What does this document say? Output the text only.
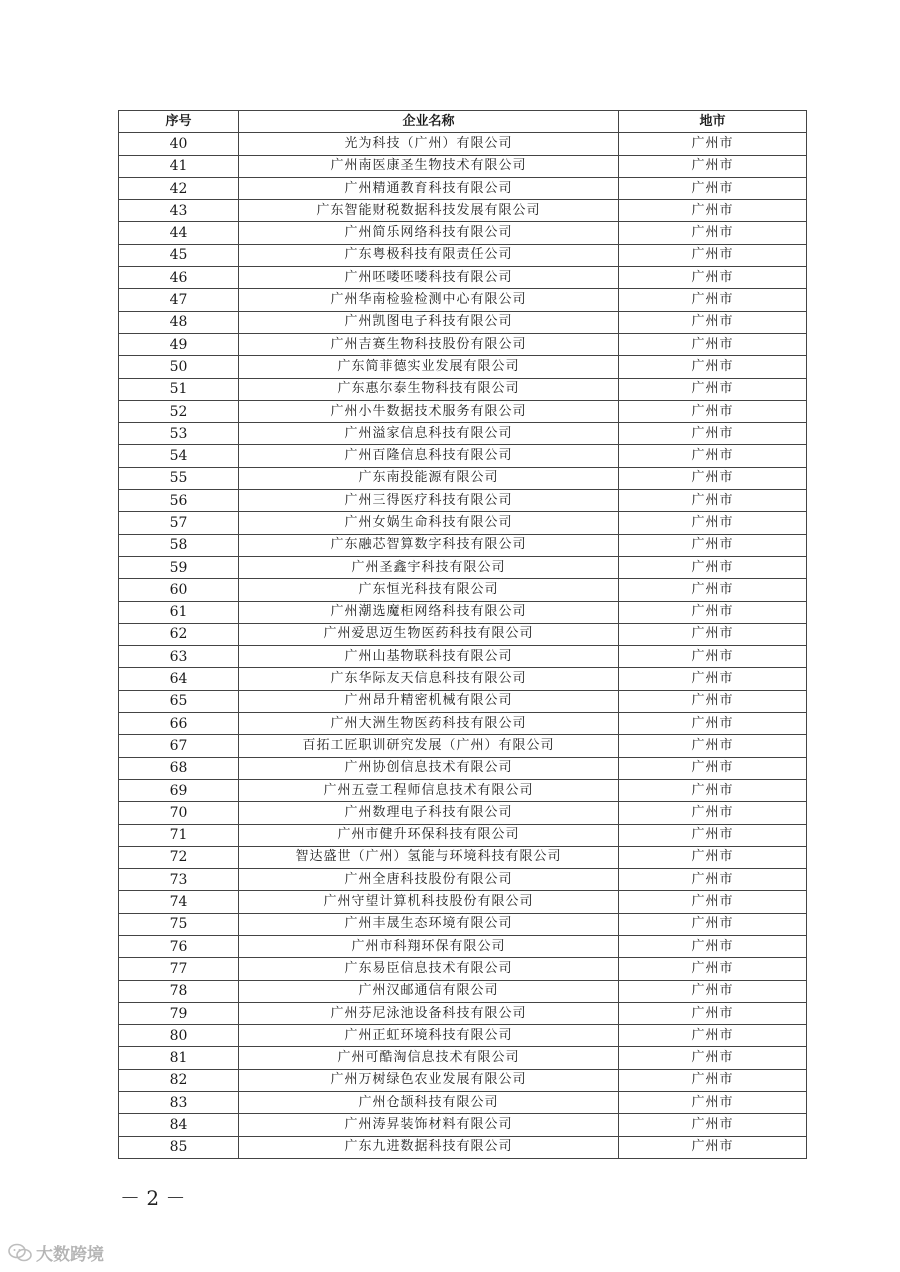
序号	企业名称	地市
40	光为科技（广州）有限公司	广州市
41	广州南医康圣生物技术有限公司	广州市
42	广州精通教育科技有限公司	广州市
43	广东智能财税数据科技发展有限公司	广州市
44	广州简乐网络科技有限公司	广州市
45	广东粤极科技有限责任公司	广州市
46	广州呸喽呸喽科技有限公司	广州市
47	广州华南检验检测中心有限公司	广州市
48	广州凯图电子科技有限公司	广州市
49	广州吉赛生物科技股份有限公司	广州市
50	广东简菲德实业发展有限公司	广州市
51	广东惠尔泰生物科技有限公司	广州市
52	广州小牛数据技术服务有限公司	广州市
53	广州溢家信息科技有限公司	广州市
54	广州百隆信息科技有限公司	广州市
55	广东南投能源有限公司	广州市
56	广州三得医疗科技有限公司	广州市
57	广州女娲生命科技有限公司	广州市
58	广东融芯智算数字科技有限公司	广州市
59	广州圣鑫宇科技有限公司	广州市
60	广东恒光科技有限公司	广州市
61	广州潮选魔柜网络科技有限公司	广州市
62	广州爱思迈生物医药科技有限公司	广州市
63	广州山基物联科技有限公司	广州市
64	广东华际友天信息科技有限公司	广州市
65	广州昂升精密机械有限公司	广州市
66	广州大洲生物医药科技有限公司	广州市
67	百拓工匠职训研究发展（广州）有限公司	广州市
68	广州协创信息技术有限公司	广州市
69	广州五壹工程师信息技术有限公司	广州市
70	广州数理电子科技有限公司	广州市
71	广州市健升环保科技有限公司	广州市
72	智达盛世（广州）氢能与环境科技有限公司	广州市
73	广州全唐科技股份有限公司	广州市
74	广州守望计算机科技股份有限公司	广州市
75	广州丰晟生态环境有限公司	广州市
76	广州市科翔环保有限公司	广州市
77	广东易臣信息技术有限公司	广州市
78	广州汉邮通信有限公司	广州市
79	广州芬尼泳池设备科技有限公司	广州市
80	广州正虹环境科技有限公司	广州市
81	广州可酷淘信息技术有限公司	广州市
82	广州万树绿色农业发展有限公司	广州市
83	广州仓颉科技有限公司	广州市
84	广州涛昇装饰材料有限公司	广州市
85	广东九进数据科技有限公司	广州市
－ 2 －
大数跨境
